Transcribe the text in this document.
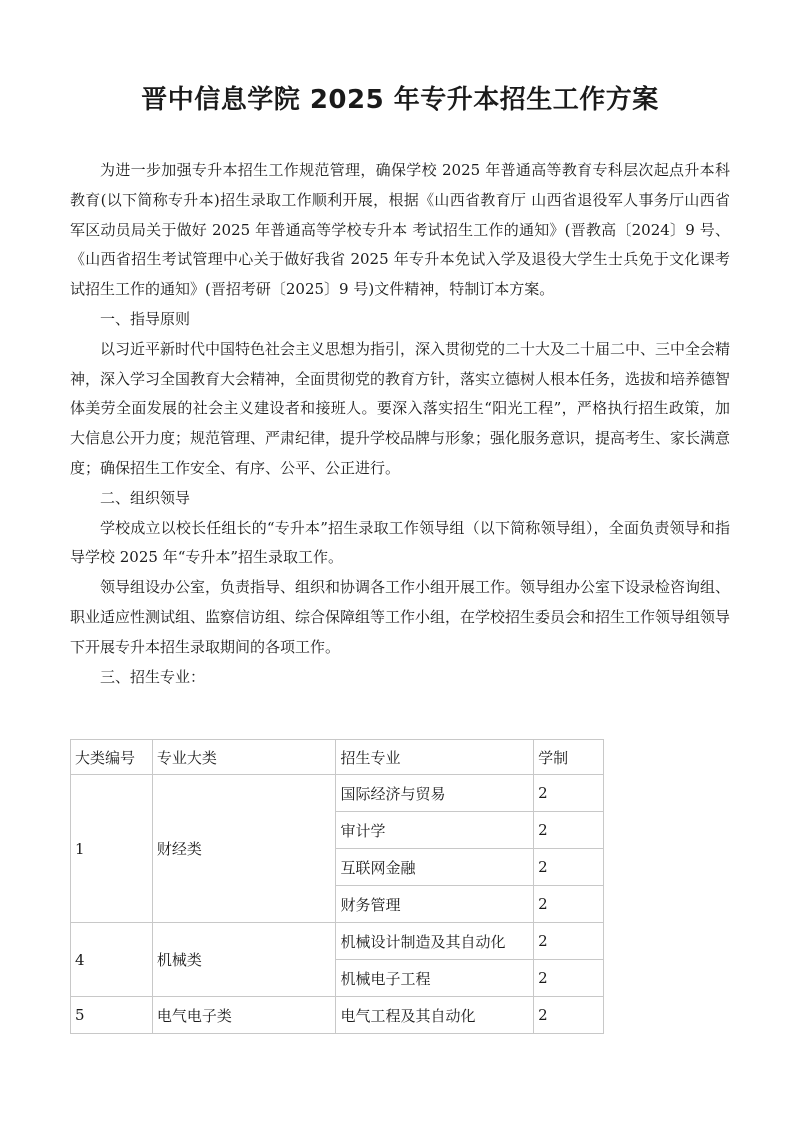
晋中信息学院 2025 年专升本招生工作方案

为进一步加强专升本招生工作规范管理，确保学校 2025 年普通高等教育专科层次起点升本科教育(以下简称专升本)招生录取工作顺利开展，根据《山西省教育厅 山西省退役军人事务厅山西省军区动员局关于做好 2025 年普通高等学校专升本 考试招生工作的通知》(晋教高〔2024〕9 号、《山西省招生考试管理中心关于做好我省 2025 年专升本免试入学及退役大学生士兵免于文化课考试招生工作的通知》(晋招考研〔2025〕9 号)文件精神，特制订本方案。

一、指导原则

以习近平新时代中国特色社会主义思想为指引，深入贯彻党的二十大及二十届二中、三中全会精神，深入学习全国教育大会精神，全面贯彻党的教育方针，落实立德树人根本任务，选拔和培养德智体美劳全面发展的社会主义建设者和接班人。要深入落实招生“阳光工程”，严格执行招生政策，加大信息公开力度；规范管理、严肃纪律，提升学校品牌与形象；强化服务意识，提高考生、家长满意度；确保招生工作安全、有序、公平、公正进行。

二、组织领导

学校成立以校长任组长的“专升本”招生录取工作领导组（以下简称领导组），全面负责领导和指导学校 2025 年“专升本”招生录取工作。

领导组设办公室，负责指导、组织和协调各工作小组开展工作。领导组办公室下设录检咨询组、职业适应性测试组、监察信访组、综合保障组等工作小组，在学校招生委员会和招生工作领导组领导下开展专升本招生录取期间的各项工作。

三、招生专业：

大类编号	专业大类	招生专业	学制
1	财经类	国际经济与贸易	2
		审计学	2
		互联网金融	2
		财务管理	2
4	机械类	机械设计制造及其自动化	2
		机械电子工程	2
5	电气电子类	电气工程及其自动化	2
